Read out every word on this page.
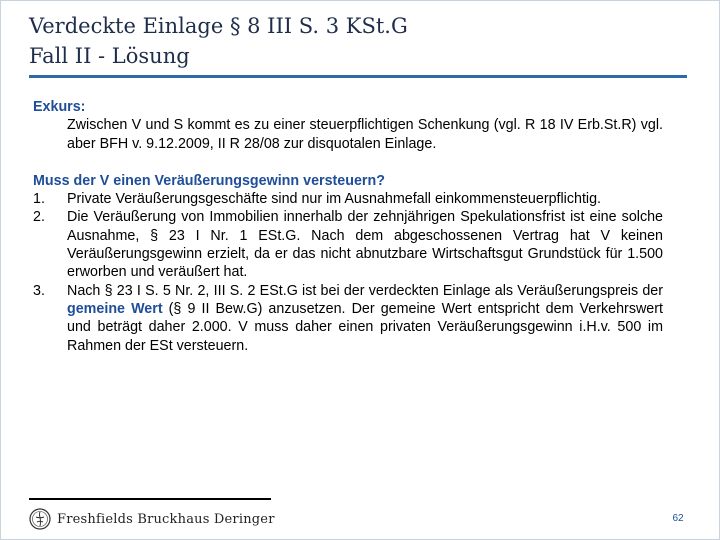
Verdeckte Einlage § 8 III S. 3 KSt.G
Fall II - Lösung
Exkurs:
Zwischen V und S kommt es zu einer steuerpflichtigen Schenkung (vgl. R 18 IV Erb.St.R) vgl. aber BFH v. 9.12.2009, II R 28/08 zur disquotalen Einlage.
Muss der V einen Veräußerungsgewinn versteuern?
1.	Private Veräußerungsgeschäfte sind nur im Ausnahmefall einkommensteuerpflichtig.
2.	Die Veräußerung von Immobilien innerhalb der zehnjährigen Spekulationsfrist ist eine solche Ausnahme, § 23 I Nr. 1 ESt.G. Nach dem abgeschossenen Vertrag hat V keinen Veräußerungsgewinn erzielt, da er das nicht abnutzbare Wirtschaftsgut Grundstück für 1.500 erworben und veräußert hat.
3.	Nach § 23 I S. 5 Nr. 2, III S. 2 ESt.G ist bei der verdeckten Einlage als Veräußerungspreis der gemeine Wert (§ 9 II Bew.G) anzusetzen. Der gemeine Wert entspricht dem Verkehrswert und beträgt daher 2.000. V muss daher einen privaten Veräußerungsgewinn i.H.v. 500 im Rahmen der ESt versteuern.
Freshfields Bruckhaus Deringer	62
